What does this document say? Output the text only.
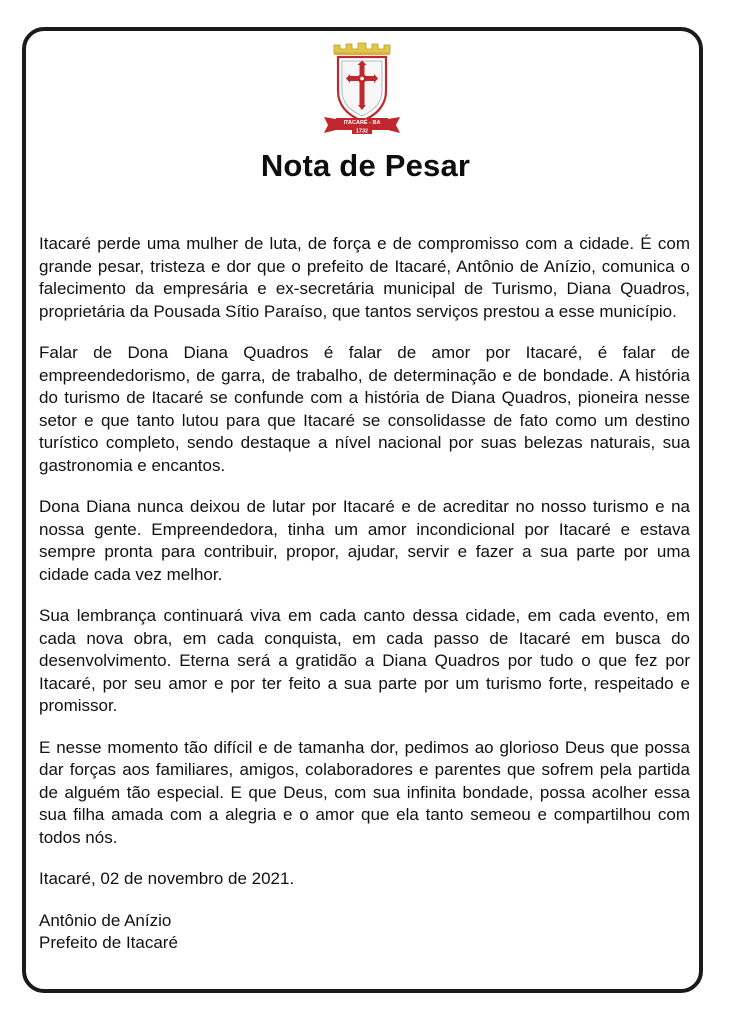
ITACARÉ - BA
1732
Nota de Pesar

Itacaré perde uma mulher de luta, de força e de compromisso com a cidade. É com grande pesar, tristeza e dor que o prefeito de Itacaré, Antônio de Anízio, comunica o falecimento da empresária e ex-secretária municipal de Turismo, Diana Quadros, proprietária da Pousada Sítio Paraíso, que tantos serviços prestou a esse município.

Falar de Dona Diana Quadros é falar de amor por Itacaré, é falar de empreendedorismo, de garra, de trabalho, de determinação e de bondade. A história do turismo de Itacaré se confunde com a história de Diana Quadros, pioneira nesse setor e que tanto lutou para que Itacaré se consolidasse de fato como um destino turístico completo, sendo destaque a nível nacional por suas belezas naturais, sua gastronomia e encantos.

Dona Diana nunca deixou de lutar por Itacaré e de acreditar no nosso turismo e na nossa gente. Empreendedora, tinha um amor incondicional por Itacaré e estava sempre pronta para contribuir, propor, ajudar, servir e fazer a sua parte por uma cidade cada vez melhor.

Sua lembrança continuará viva em cada canto dessa cidade, em cada evento, em cada nova obra, em cada conquista, em cada passo de Itacaré em busca do desenvolvimento. Eterna será a gratidão a Diana Quadros por tudo o que fez por Itacaré, por seu amor e por ter feito a sua parte por um turismo forte, respeitado e promissor.

E nesse momento tão difícil e de tamanha dor, pedimos ao glorioso Deus que possa dar forças aos familiares, amigos, colaboradores e parentes que sofrem pela partida de alguém tão especial. E que Deus, com sua infinita bondade, possa acolher essa sua filha amada com a alegria e o amor que ela tanto semeou e compartilhou com todos nós.

Itacaré, 02 de novembro de 2021.

Antônio de Anízio

Prefeito de Itacaré
